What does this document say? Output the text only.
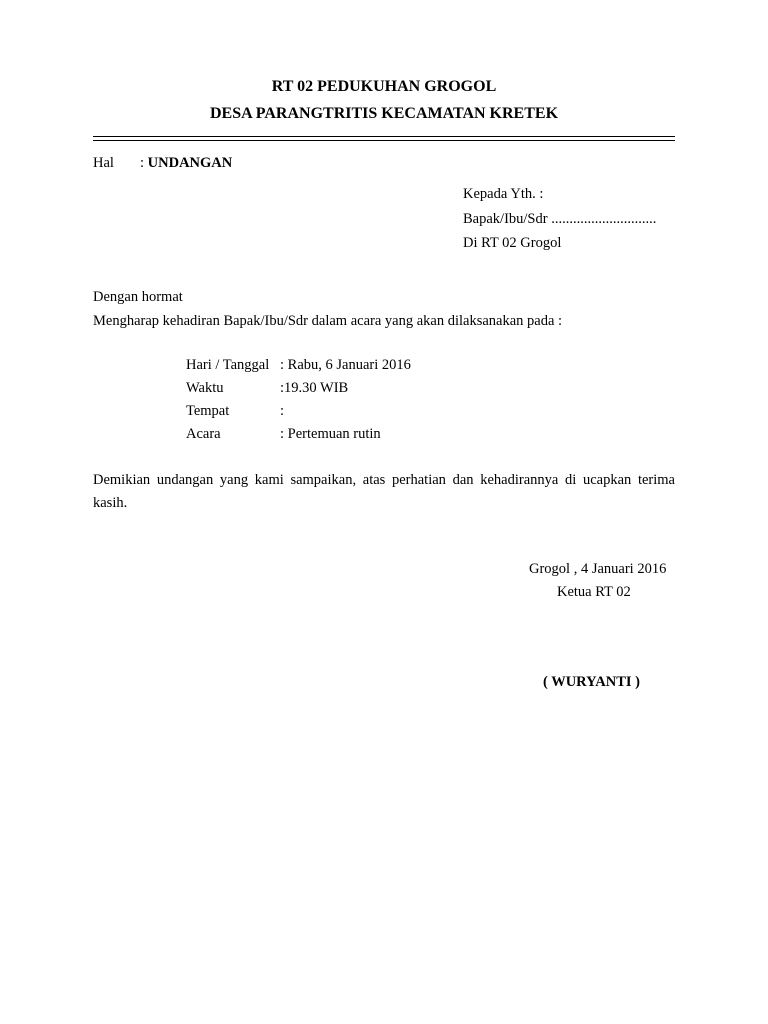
RT 02 PEDUKUHAN GROGOL
DESA PARANGTRITIS KECAMATAN KRETEK
Hal : UNDANGAN
Kepada Yth. :
Bapak/Ibu/Sdr .............................
Di RT 02 Grogol
Dengan hormat
Mengharap kehadiran Bapak/Ibu/Sdr dalam acara yang akan dilaksanakan pada :
Hari / Tanggal : Rabu, 6 Januari 2016
Waktu	:19.30 WIB
Tempat	:
Acara	: Pertemuan rutin
Demikian undangan yang kami sampaikan, atas perhatian dan kehadirannya di ucapkan terima kasih.
Grogol , 4 Januari 2016
Ketua RT 02
( WURYANTI )
